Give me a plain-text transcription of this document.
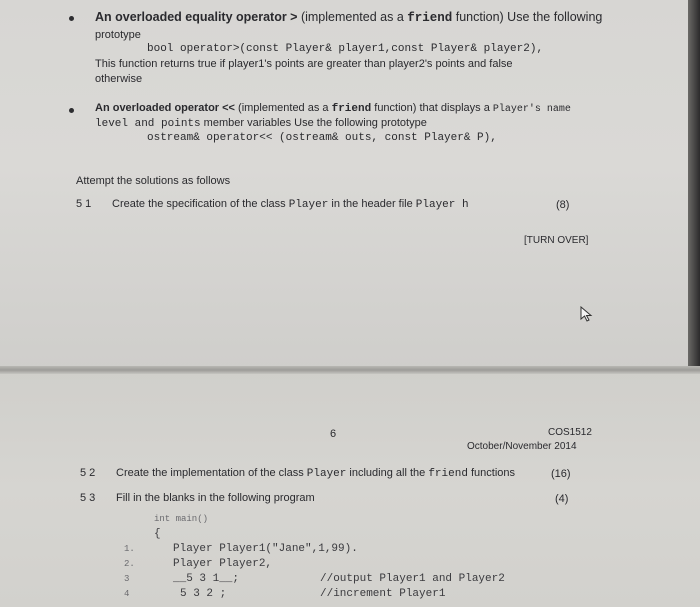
An overloaded equality operator > (implemented as a friend function) Use the following
prototype
bool operator>(const Player& player1,const Player& player2),
This function returns true if player1's points are greater than player2's points and false
otherwise
An overloaded operator << (implemented as a friend function) that displays a Player's name
level and points member variables Use the following prototype
ostream& operator<< (ostream& outs, const Player& P),
Attempt the solutions as follows
5 1 Create the specification of the class Player in the header file Player h	(8)
[TURN OVER]
6	COS1512
October/November 2014
5 2 Create the implementation of the class Player including all the friend functions	(16)
5 3 Fill in the blanks in the following program	(4)
int main()
{
1.	Player Player1("Jane",1,99).
2.	Player Player2,
3	__5 3 1__;	//output Player1 and Player2
4	5 3 2 ;	//increment Player1
